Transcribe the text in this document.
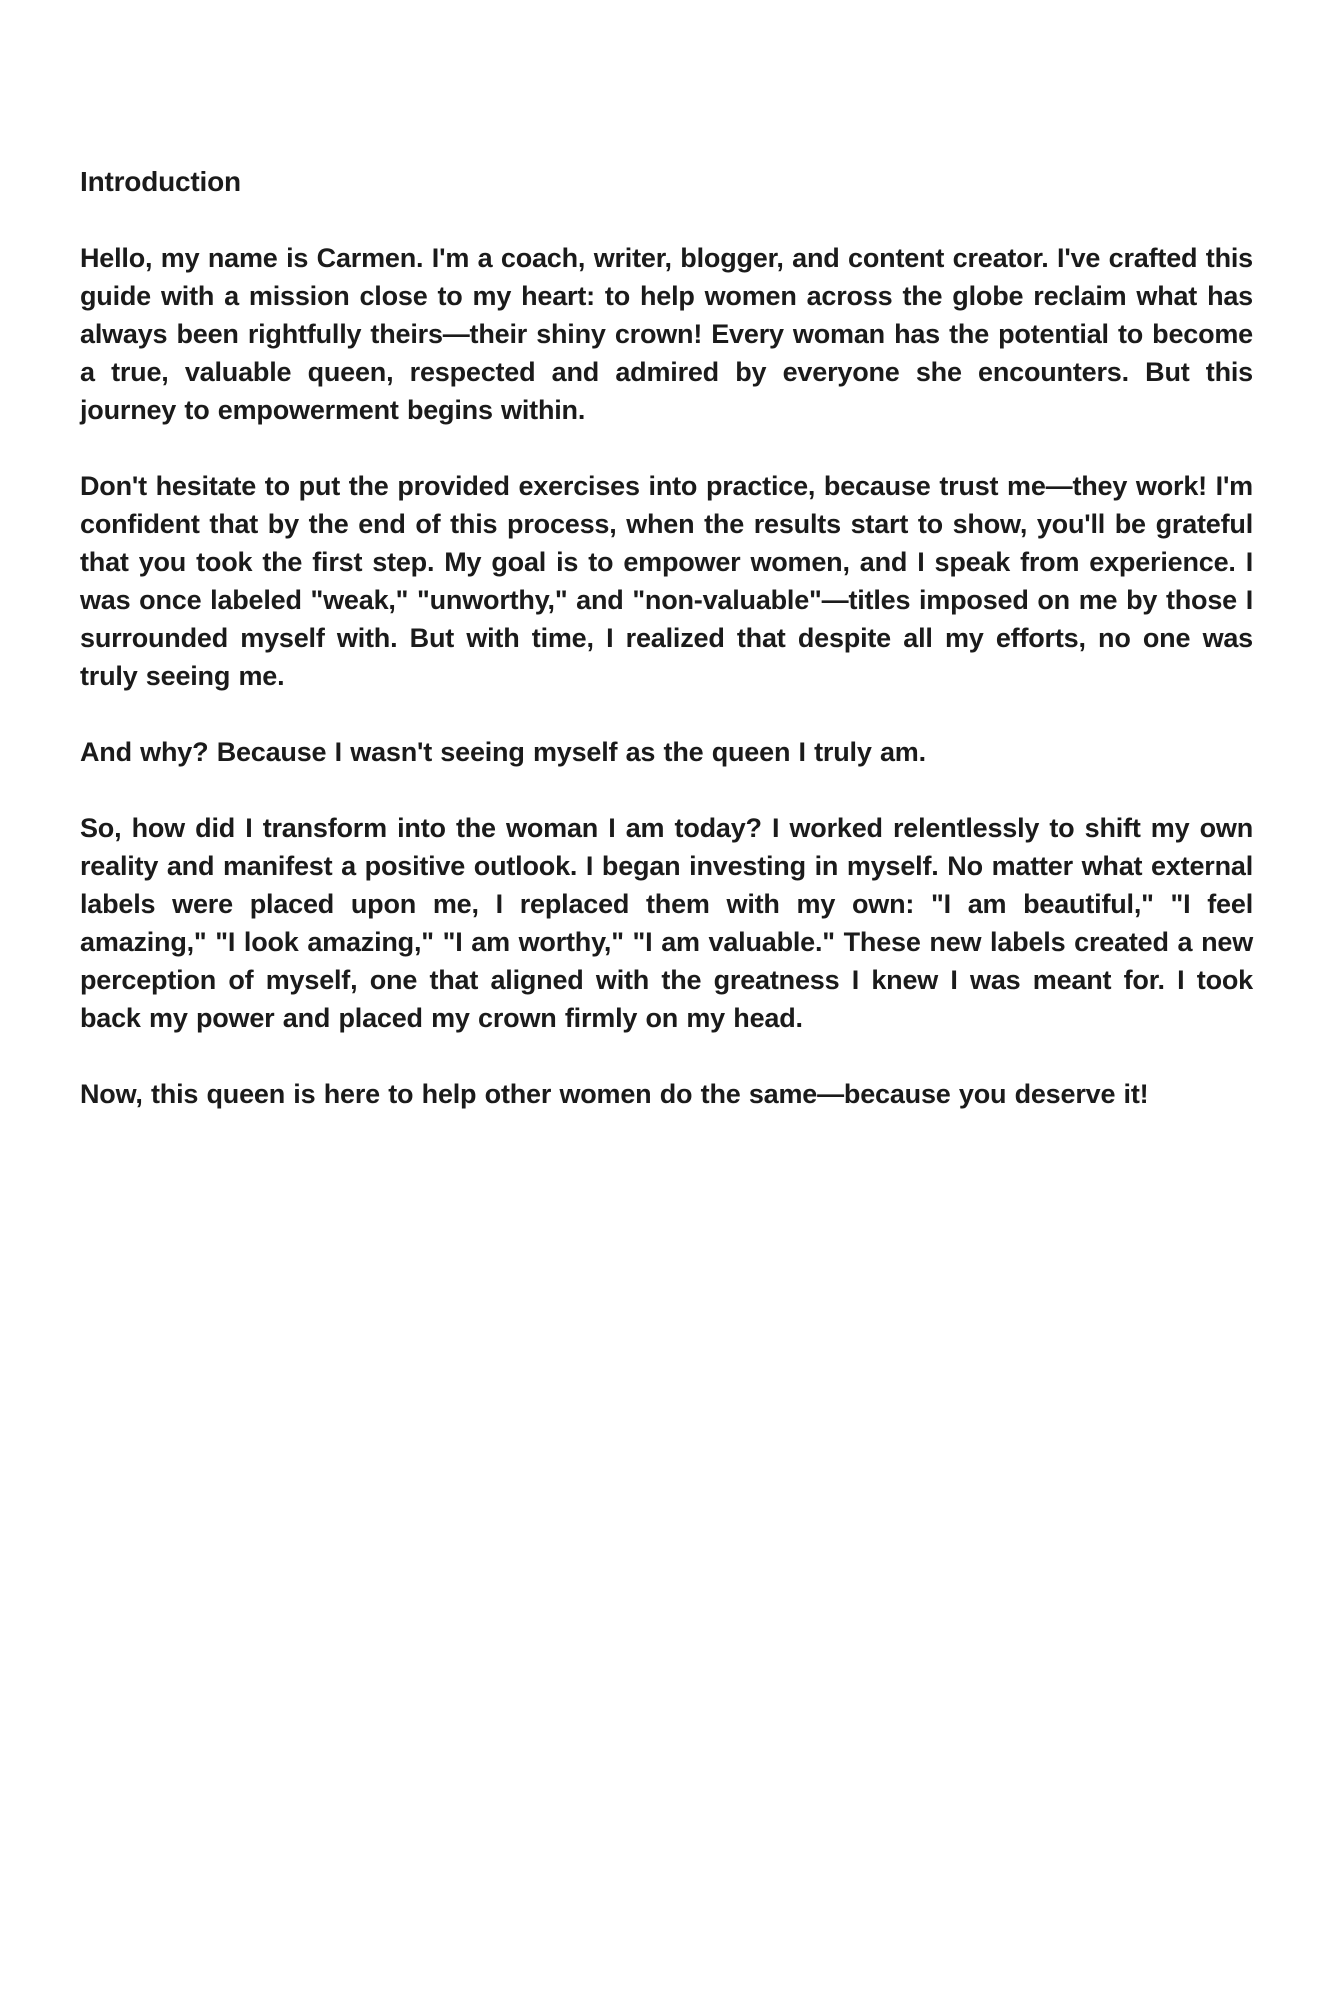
Introduction

Hello, my name is Carmen. I'm a coach, writer, blogger, and content creator. I've crafted this guide with a mission close to my heart: to help women across the globe reclaim what has always been rightfully theirs—their shiny crown! Every woman has the potential to become a true, valuable queen, respected and admired by everyone she encounters. But this journey to empowerment begins within.

Don't hesitate to put the provided exercises into practice, because trust me—they work! I'm confident that by the end of this process, when the results start to show, you'll be grateful that you took the first step. My goal is to empower women, and I speak from experience. I was once labeled "weak," "unworthy," and "non-valuable"—titles imposed on me by those I surrounded myself with. But with time, I realized that despite all my efforts, no one was truly seeing me.

And why? Because I wasn't seeing myself as the queen I truly am.

So, how did I transform into the woman I am today? I worked relentlessly to shift my own reality and manifest a positive outlook. I began investing in myself. No matter what external labels were placed upon me, I replaced them with my own: "I am beautiful," "I feel amazing," "I look amazing," "I am worthy," "I am valuable." These new labels created a new perception of myself, one that aligned with the greatness I knew I was meant for. I took back my power and placed my crown firmly on my head.

Now, this queen is here to help other women do the same—because you deserve it!
